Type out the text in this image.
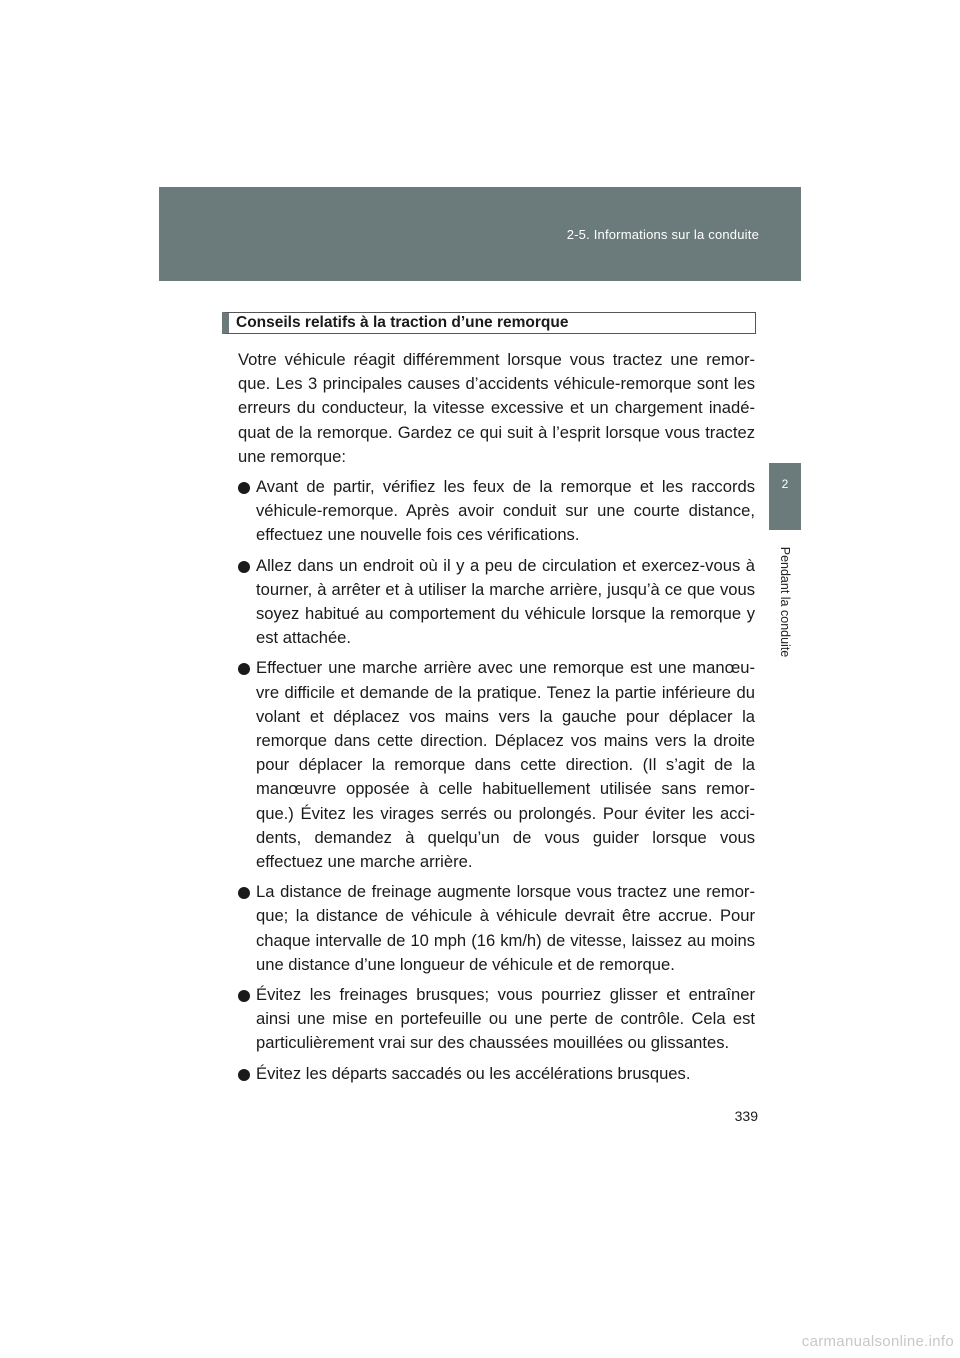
2-5. Informations sur la conduite
2
Pendant la conduite
Conseils relatifs à la traction d’une remorque

Votre véhicule réagit différemment lorsque vous tractez une remor-que. Les 3 principales causes d’accidents véhicule-remorque sont les erreurs du conducteur, la vitesse excessive et un chargement inadé-quat de la remorque. Gardez ce qui suit à l’esprit lorsque vous tractez une remorque:

Avant de partir, vérifiez les feux de la remorque et les raccords véhicule-remorque. Après avoir conduit sur une courte distance, effectuez une nouvelle fois ces vérifications.
Allez dans un endroit où il y a peu de circulation et exercez-vous à tourner, à arrêter et à utiliser la marche arrière, jusqu’à ce que vous soyez habitué au comportement du véhicule lorsque la remorque y est attachée.
Effectuer une marche arrière avec une remorque est une manœu-vre difficile et demande de la pratique. Tenez la partie inférieure du volant et déplacez vos mains vers la gauche pour déplacer la remorque dans cette direction. Déplacez vos mains vers la droite pour déplacer la remorque dans cette direction. (Il s’agit de la manœuvre opposée à celle habituellement utilisée sans remor-que.) Évitez les virages serrés ou prolongés. Pour éviter les acci-dents, demandez à quelqu’un de vous guider lorsque vous effectuez une marche arrière.
La distance de freinage augmente lorsque vous tractez une remor-que; la distance de véhicule à véhicule devrait être accrue. Pour chaque intervalle de 10 mph (16 km/h) de vitesse, laissez au moins une distance d’une longueur de véhicule et de remorque.
Évitez les freinages brusques; vous pourriez glisser et entraîner ainsi une mise en portefeuille ou une perte de contrôle. Cela est particulièrement vrai sur des chaussées mouillées ou glissantes.
Évitez les départs saccadés ou les accélérations brusques.
339
carmanualsonline.info
